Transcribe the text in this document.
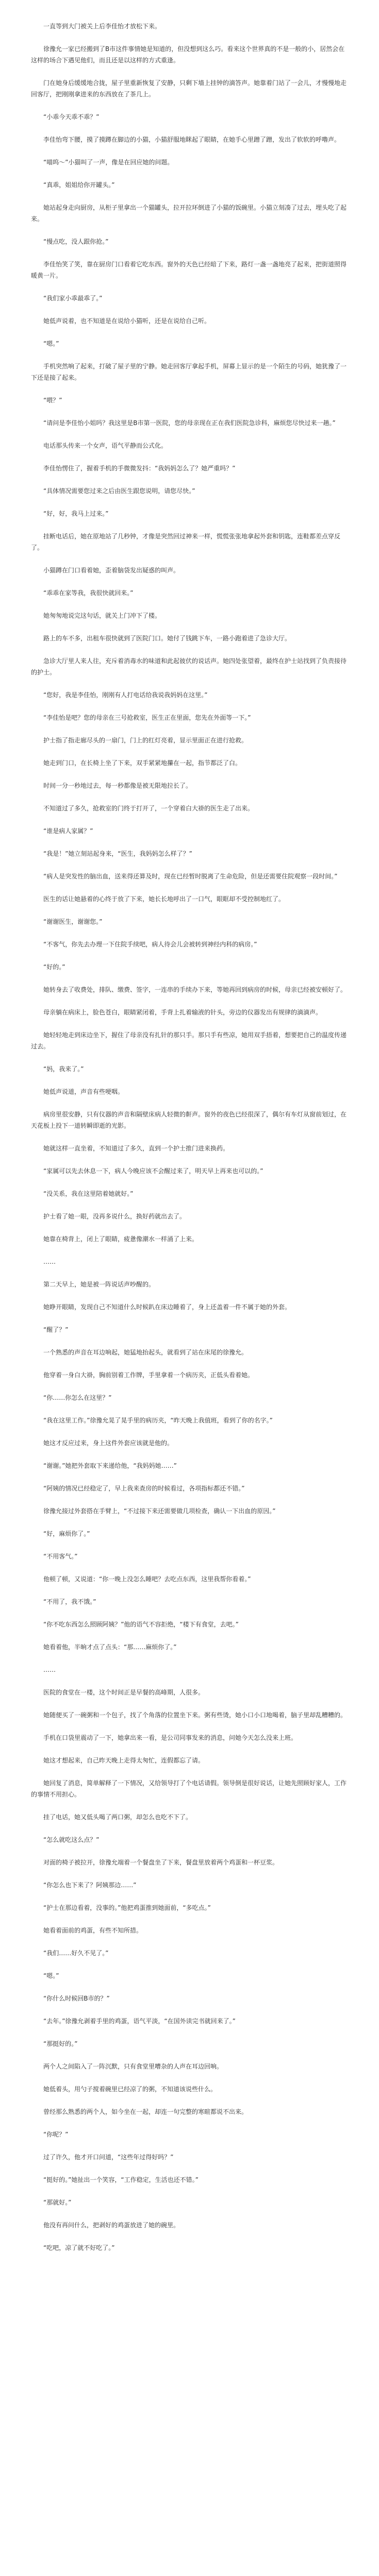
一直等到大门被关上后李佳怡才放松下来。

徐豫允一家已经搬到了B市这件事情她是知道的，但没想到这么巧。看来这个世界真的不是一般的小，居然会在这样的场合下遇见他们，而且还是以这样的方式重逢。

门在她身后缓缓地合拢，屋子里重新恢复了安静，只剩下墙上挂钟的滴答声。她靠着门站了一会儿，才慢慢地走回客厅，把刚刚拿进来的东西放在了茶几上。

“小乖今天乖不乖？”

李佳怡弯下腰，摸了摸蹲在脚边的小猫，小猫舒服地眯起了眼睛，在她手心里蹭了蹭，发出了软软的呼噜声。

“喵呜～”小猫叫了一声，像是在回应她的问题。

“真乖，姐姐给你开罐头。”

她站起身走向厨房，从柜子里拿出一个猫罐头，拉开拉环倒进了小猫的饭碗里。小猫立刻凑了过去，埋头吃了起来。

“慢点吃，没人跟你抢。”

李佳怡笑了笑，靠在厨房门口看着它吃东西。窗外的天色已经暗了下来，路灯一盏一盏地亮了起来，把街道照得暖黄一片。

“我们家小乖最乖了。”

她低声说着，也不知道是在说给小猫听，还是在说给自己听。

“嗯。”

手机突然响了起来，打破了屋子里的宁静。她走回客厅拿起手机，屏幕上显示的是一个陌生的号码，她犹豫了一下还是接了起来。

“喂？”

“请问是李佳怡小姐吗？我这里是B市第一医院，您的母亲现在正在我们医院急诊科，麻烦您尽快过来一趟。”

电话那头传来一个女声，语气平静而公式化。

李佳怡愣住了，握着手机的手微微发抖：“我妈妈怎么了？她严重吗？”

“具体情况需要您过来之后由医生跟您说明，请您尽快。”

“好，好，我马上过来。”

挂断电话后，她在原地站了几秒钟，才像是突然回过神来一样，慌慌张张地拿起外套和钥匙，连鞋都差点穿反了。

小猫蹲在门口看着她，歪着脑袋发出疑惑的叫声。

“乖乖在家等我，我很快就回来。”

她匆匆地说完这句话，就关上门冲下了楼。

路上的车不多，出租车很快就到了医院门口。她付了钱跳下车，一路小跑着进了急诊大厅。

急诊大厅里人来人往，充斥着消毒水的味道和此起彼伏的说话声。她四处张望着，最终在护士站找到了负责接待的护士。

“您好，我是李佳怡，刚刚有人打电话给我说我妈妈在这里。”

“李佳怡是吧？您的母亲在三号抢救室，医生正在里面，您先在外面等一下。”

护士指了指走廊尽头的一扇门，门上的红灯亮着，显示里面正在进行抢救。

她走到门口，在长椅上坐了下来，双手紧紧地攥在一起，指节都泛了白。

时间一分一秒地过去，每一秒都像是被无限地拉长了。

不知道过了多久，抢救室的门终于打开了，一个穿着白大褂的医生走了出来。

“谁是病人家属？”

“我是！”她立刻站起身来，“医生，我妈妈怎么样了？”

“病人是突发性的脑出血，送来得还算及时，现在已经暂时脱离了生命危险，但是还需要住院观察一段时间。”

医生的话让她悬着的心终于放了下来，她长长地呼出了一口气，眼眶却不受控制地红了。

“谢谢医生，谢谢您。”

“不客气，你先去办理一下住院手续吧，病人待会儿会被转到神经内科的病房。”

“好的。”

她转身去了收费处，排队、缴费、签字，一连串的手续办下来，等她再回到病房的时候，母亲已经被安顿好了。

母亲躺在病床上，脸色苍白，眼睛紧闭着，手背上扎着输液的针头，旁边的仪器发出有规律的滴滴声。

她轻轻地走到床边坐下，握住了母亲没有扎针的那只手。那只手有些凉，她用双手捂着，想要把自己的温度传递过去。

“妈，我来了。”

她低声说道，声音有些哽咽。

病房里很安静，只有仪器的声音和隔壁床病人轻微的鼾声。窗外的夜色已经很深了，偶尔有车灯从窗前划过，在天花板上投下一道转瞬即逝的光影。

她就这样一直坐着，不知道过了多久，直到一个护士推门进来换药。

“家属可以先去休息一下，病人今晚应该不会醒过来了，明天早上再来也可以的。”

“没关系，我在这里陪着她就好。”

护士看了她一眼，没再多说什么，换好药就出去了。

她靠在椅背上，闭上了眼睛，疲惫像潮水一样涌了上来。

……

第二天早上，她是被一阵说话声吵醒的。

她睁开眼睛，发现自己不知道什么时候趴在床边睡着了，身上还盖着一件不属于她的外套。

“醒了？”

一个熟悉的声音在耳边响起，她猛地抬起头，就看到了站在床尾的徐豫允。

他穿着一身白大褂，胸前别着工作牌，手里拿着一个病历夹，正低头看着她。

“你……你怎么在这里？”

“我在这里工作。”徐豫允晃了晃手里的病历夹，“昨天晚上我值班，看到了你的名字。”

她这才反应过来，身上这件外套应该就是他的。

“谢谢。”她把外套取下来递给他，“我妈妈她……”

“阿姨的情况已经稳定了，早上我来查房的时候看过，各项指标都还不错。”

徐豫允接过外套搭在手臂上，“不过接下来还需要做几项检查，确认一下出血的原因。”

“好，麻烦你了。”

“不用客气。”

他顿了顿，又说道：“你一晚上没怎么睡吧？去吃点东西，这里我帮你看着。”

“不用了，我不饿。”

“你不吃东西怎么照顾阿姨？”他的语气不容拒绝，“楼下有食堂，去吧。”

她看着他，半晌才点了点头：“那……麻烦你了。”

……

医院的食堂在一楼，这个时间正是早餐的高峰期，人很多。

她随便买了一碗粥和一个包子，找了个角落的位置坐下来。粥有些烫，她小口小口地喝着，脑子里却乱糟糟的。

手机在口袋里震动了一下，她拿出来一看，是公司同事发来的消息，问她今天怎么没来上班。

她这才想起来，自己昨天晚上走得太匆忙，连假都忘了请。

她回复了消息，简单解释了一下情况，又给领导打了个电话请假。领导倒是很好说话，让她先照顾好家人，工作的事情不用担心。

挂了电话，她又低头喝了两口粥，却怎么也吃不下了。

“怎么就吃这么点？”

对面的椅子被拉开，徐豫允端着一个餐盘坐了下来，餐盘里放着两个鸡蛋和一杯豆浆。

“你怎么也下来了？阿姨那边……”

“护士在那边看着，没事的。”他把鸡蛋推到她面前，“多吃点。”

她看着面前的鸡蛋，有些不知所措。

“我们……好久不见了。”

“嗯。”

“你什么时候回B市的？”

“去年。”徐豫允剥着手里的鸡蛋，语气平淡，“在国外读完书就回来了。”

“那挺好的。”

两个人之间陷入了一阵沉默，只有食堂里嘈杂的人声在耳边回响。

她低着头，用勺子搅着碗里已经凉了的粥，不知道该说些什么。

曾经那么熟悉的两个人，如今坐在一起，却连一句完整的寒暄都说不出来。

“你呢？”

过了许久，他才开口问道，“这些年过得好吗？”

“挺好的。”她扯出一个笑容，“工作稳定，生活也还不错。”

“那就好。”

他没有再问什么，把剥好的鸡蛋放进了她的碗里。

“吃吧，凉了就不好吃了。”
